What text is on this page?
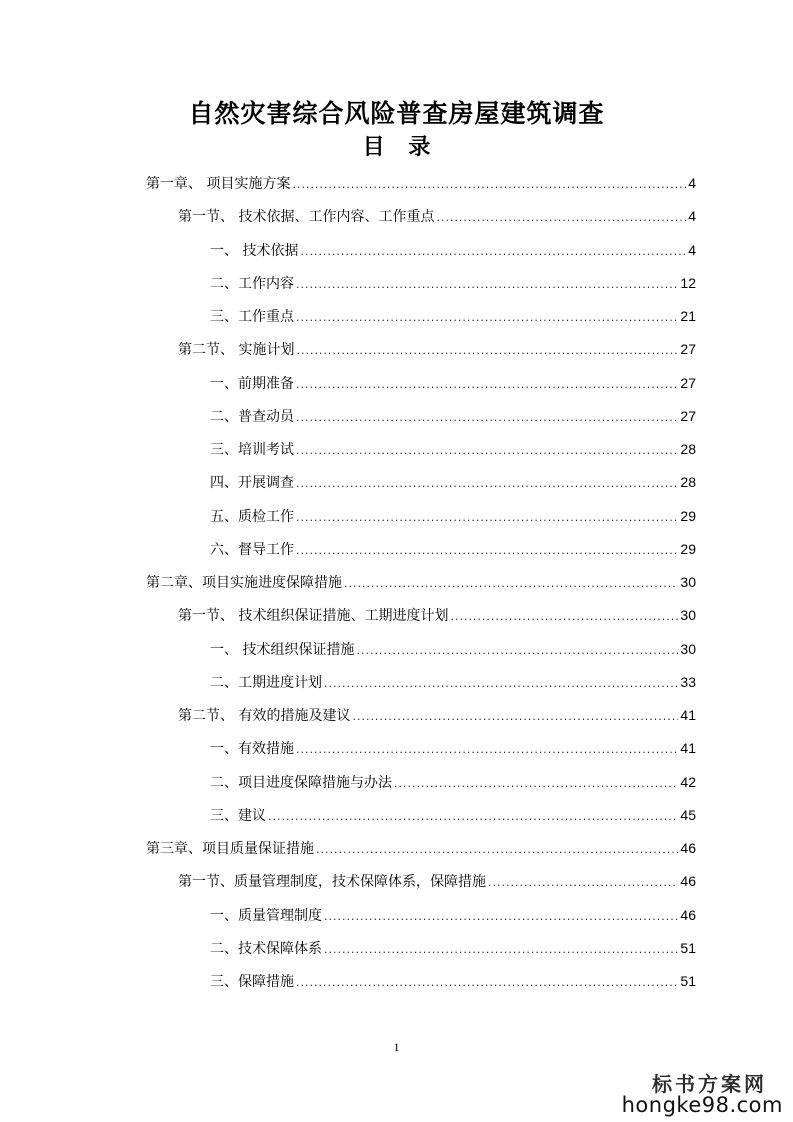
自然灾害综合风险普查房屋建筑调查
目 录
第一章、 项目实施方案 .....	4
第一节、 技术依据、工作内容、工作重点 .....	4
一、 技术依据 .....	4
二、工作内容 .....	12
三、工作重点 .....	21
第二节、 实施计划 .....	27
一、前期准备 .....	27
二、普查动员 .....	27
三、培训考试 .....	28
四、开展调查 .....	28
五、质检工作 .....	29
六、督导工作 .....	29
第二章、项目实施进度保障措施 .....	30
第一节、 技术组织保证措施、工期进度计划 .....	30
一、 技术组织保证措施 .....	30
二、工期进度计划 .....	33
第二节、 有效的措施及建议 .....	41
一、有效措施 .....	41
二、项目进度保障措施与办法 .....	42
三、建议 .....	45
第三章、项目质量保证措施 .....	46
第一节、质量管理制度，技术保障体系，保障措施 .....	46
一、质量管理制度 .....	46
二、技术保障体系 .....	51
三、保障措施 .....	51
1
标书方案网
hongke98.com
